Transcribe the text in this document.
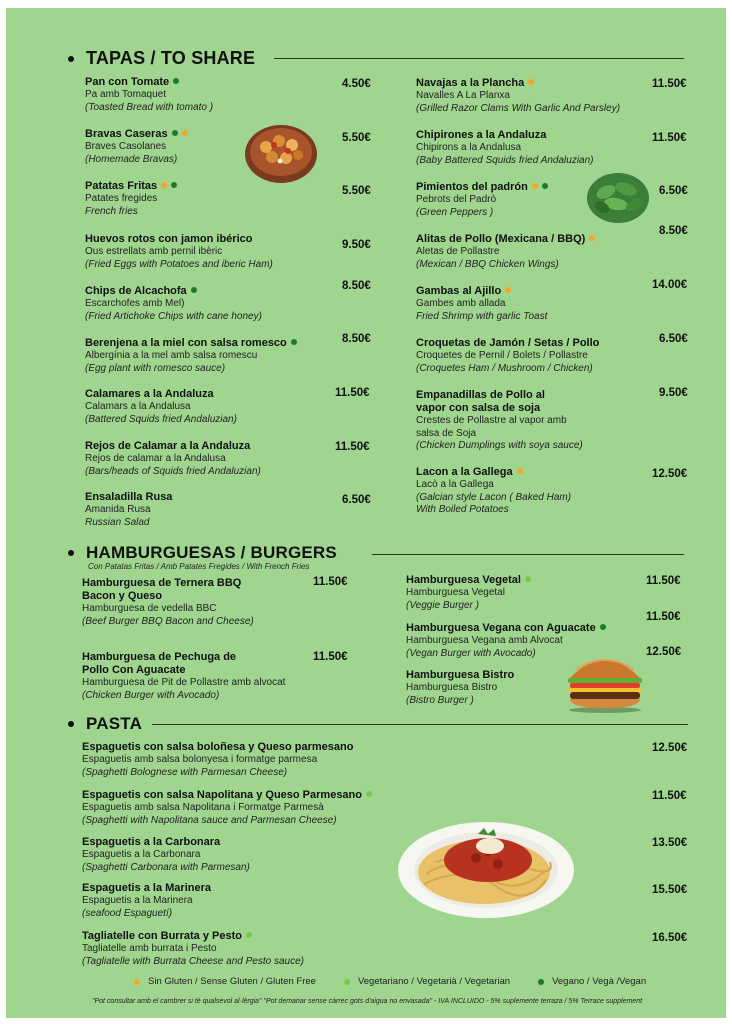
TAPAS / TO SHARE
Pan con Tomate
Pa amb Tomaquet
(Toasted Bread with tomato )
4.50€
Bravas Caseras
Braves Casolanes
(Homemade Bravas)
5.50€
Patatas Fritas
Patates fregides
French fries
5.50€
Huevos rotos con jamon ibérico
Ous estrellats amb pernil ibèric
(Fried Eggs with Potatoes and iberic Ham)
9.50€
Chips de Alcachofa
Escarchofes amb Mel)
(Fried Artichoke Chips with cane honey)
8.50€
Berenjena a la miel con salsa romesco
Albergínia a la mel amb salsa romescu
(Egg plant with romesco sauce)
8.50€
Calamares a la Andaluza
Calamars a la Andalusa
(Battered Squids fried Andaluzian)
11.50€
Rejos de Calamar a la Andaluza
Rejos de calamar a la Andalusa
(Bars/heads of Squids fried Andaluzian)
11.50€
Ensaladilla Rusa
Amanida Rusa
Russian Salad
6.50€
Navajas a la Plancha
Navalles A La Planxa
(Grilled Razor Clams With Garlic And Parsley)
11.50€
Chipirones a la Andaluza
Chipirons a la Andalusa
(Baby Battered Squids fried Andaluzian)
11.50€
Pimientos del padrón
Pebrots del Padrò
(Green Peppers )
6.50€
Alitas de Pollo (Mexicana / BBQ)
Aletas de Pollastre
(Mexican / BBQ Chicken Wings)
8.50€
Gambas al Ajillo
Gambes amb allada
Fried Shrimp with garlic Toast
14.00€
Croquetas de Jamón / Setas / Pollo
Croquetes de Pernil / Bolets / Pollastre
(Croquetes Ham / Mushroom / Chicken)
6.50€
Empanadillas de Pollo al
vapor con salsa de soja
Crestes de Pollastre al vapor amb
salsa de Soja
(Chicken Dumplings with soya sauce)
9.50€
Lacon a la Gallega
Lacò a la Gallega
(Galcian style Lacon ( Baked Ham)
With Boiled Potatoes
12.50€
HAMBURGUESAS / BURGERS
Con Patatas Fritas / Amb Patates Fregides / With French Fries
Hamburguesa de Ternera BBQ
Bacon y Queso
Hamburguesa de vedella BBC
(Beef Burger BBQ Bacon and Cheese)
11.50€
Hamburguesa de Pechuga de
Pollo Con Aguacate
Hamburguesa de Pit de Pollastre amb alvocat
(Chicken Burger with Avocado)
11.50€
Hamburguesa Vegetal
Hamburguesa Vegetal
(Veggie Burger )
11.50€
Hamburguesa Vegana con Aguacate
Hamburguesa Vegana amb Alvocat
(Vegan Burger with Avocado)
11.50€
Hamburguesa Bistro
Hamburguesa Bistro
(Bistro Burger )
12.50€
PASTA
Espaguetis con salsa boloñesa y Queso parmesano
Espaguetis amb salsa bolonyesa i formatge parmesa
(Spaghetti Bolognese with Parmesan Cheese)
12.50€
Espaguetis con salsa Napolitana y Queso Parmesano
Espaguetis amb salsa Napolitana i Formatge Parmesà
(Spaghetti with Napolitana sauce and Parmesan Cheese)
11.50€
Espaguetis a la Carbonara
Espaguetis a la Carbonara
(Spaghetti Carbonara with Parmesan)
13.50€
Espaguetis a la Marinera
Espaguetis a la Marinera
(seafood Espaguetí)
15.50€
Tagliatelle con Burrata y Pesto
Tagliatelle amb burrata i Pesto
(Tagliatelle with Burrata Cheese and Pesto sauce)
16.50€
Sin Gluten / Sense Gluten / Gluten Free	Vegetariano / Vegetarià / Vegetarian	Vegano / Vegà /Vegan
"Pot consultar amb el cambrer si tè qualsevol al·lèrgia" "Pot demanar sense càrrec gots d'aigua no envasada" - IVA INCLUIDO - 5% suplemente terraza / 5% Terrace supplement
